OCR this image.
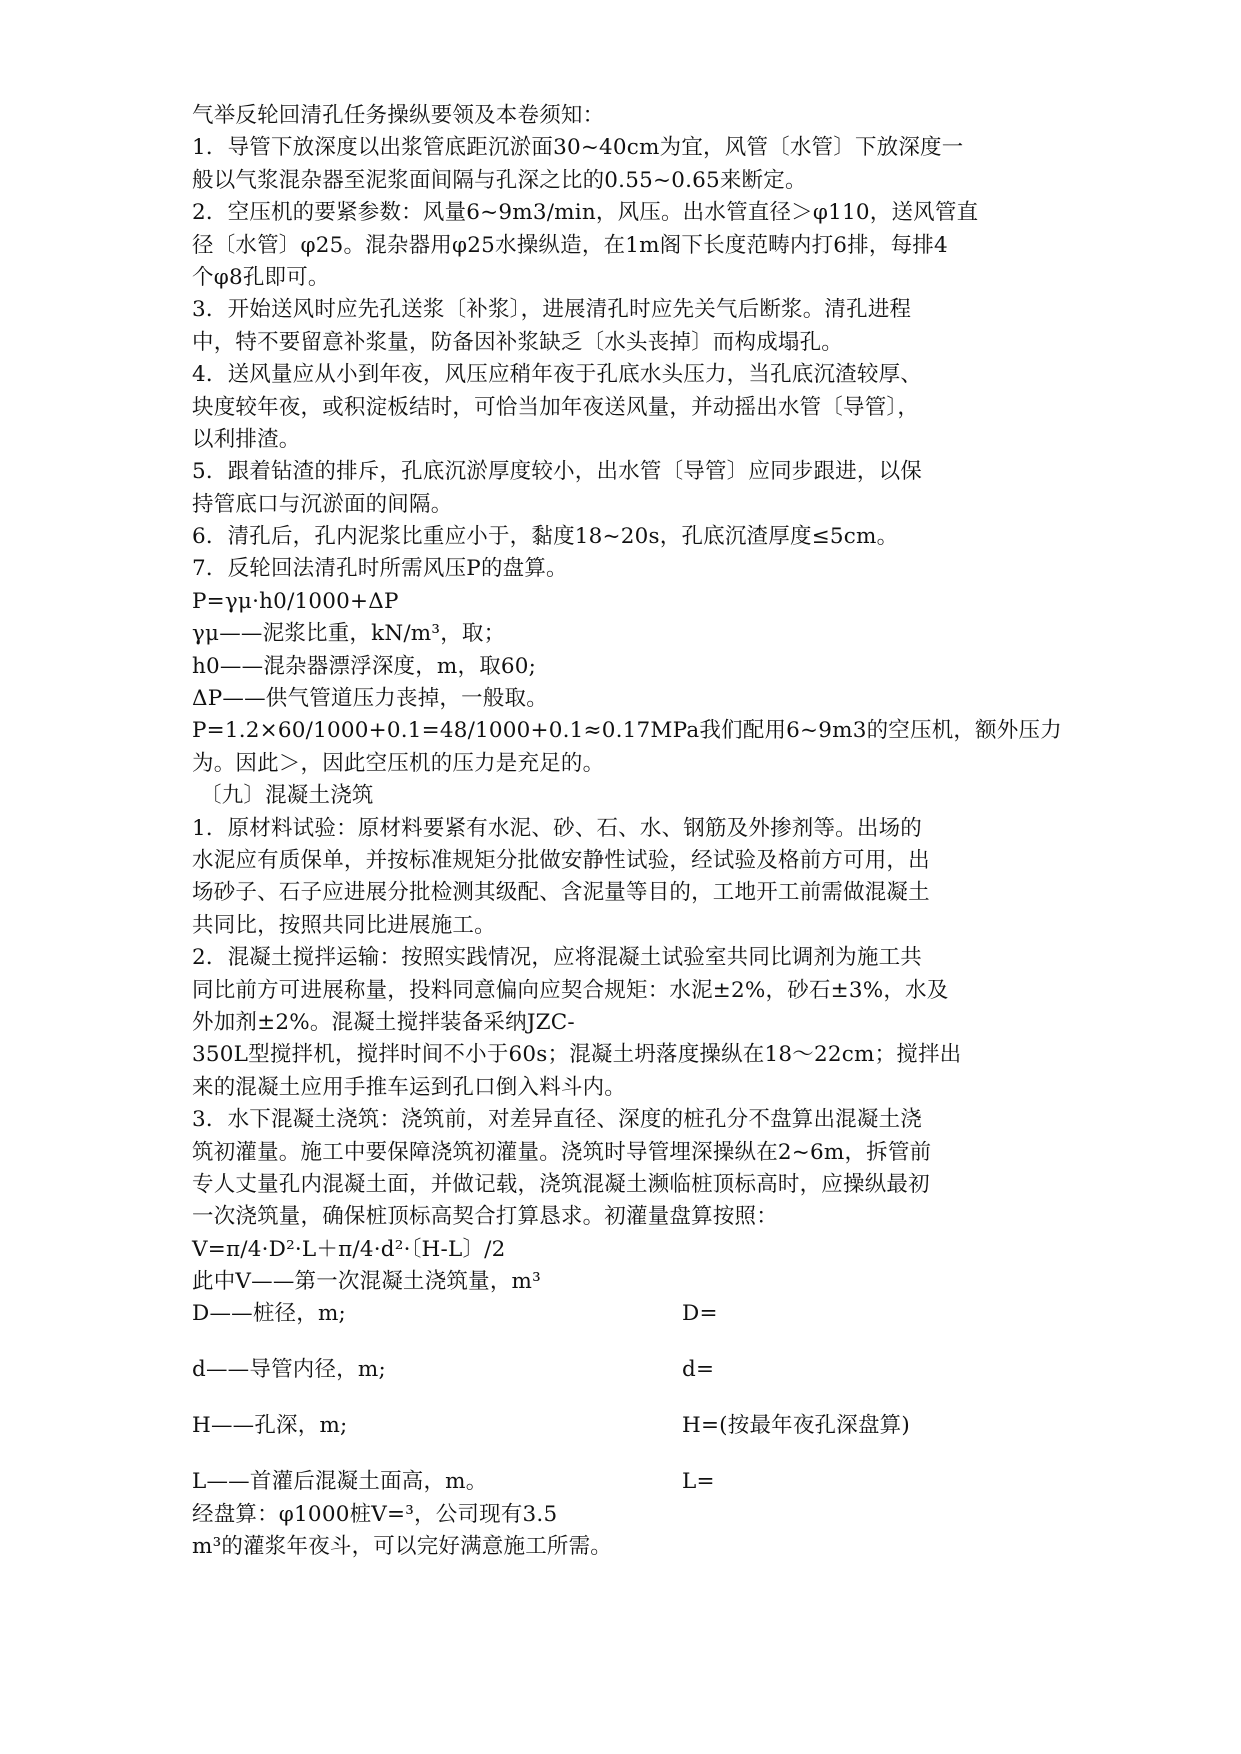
气举反轮回清孔任务操纵要领及本卷须知：
1．导管下放深度以出浆管底距沉淤面30~40cm为宜，风管〔水管〕下放深度一
般以气浆混杂器至泥浆面间隔与孔深之比的0.55~0.65来断定。
2．空压机的要紧参数：风量6~9m3/min，风压。出水管直径＞φ110，送风管直
径〔水管〕φ25。混杂器用φ25水操纵造，在1m阁下长度范畴内打6排，每排4
个φ8孔即可。
3．开始送风时应先孔送浆〔补浆〕，进展清孔时应先关气后断浆。清孔进程
中，特不要留意补浆量，防备因补浆缺乏〔水头丧掉〕而构成塌孔。
4．送风量应从小到年夜，风压应稍年夜于孔底水头压力，当孔底沉渣较厚、
块度较年夜，或积淀板结时，可恰当加年夜送风量，并动摇出水管〔导管〕，
以利排渣。
5．跟着钻渣的排斥，孔底沉淤厚度较小，出水管〔导管〕应同步跟进，以保
持管底口与沉淤面的间隔。
6．清孔后，孔内泥浆比重应小于，黏度18~20s，孔底沉渣厚度≤5cm。
7．反轮回法清孔时所需风压P的盘算。
P=γμ·h0/1000+ΔP
γμ——泥浆比重，kN/m³，取；
h0——混杂器漂浮深度，m，取60;
ΔP——供气管道压力丧掉，一般取。
P=1.2×60/1000+0.1=48/1000+0.1≈0.17MPa我们配用6~9m3的空压机，额外压力
为。因此＞，因此空压机的压力是充足的。
〔九〕混凝土浇筑
1．原材料试验：原材料要紧有水泥、砂、石、水、钢筋及外掺剂等。出场的
水泥应有质保单，并按标准规矩分批做安静性试验，经试验及格前方可用，出
场砂子、石子应进展分批检测其级配、含泥量等目的，工地开工前需做混凝土
共同比，按照共同比进展施工。
2．混凝土搅拌运输：按照实践情况，应将混凝土试验室共同比调剂为施工共
同比前方可进展称量，投料同意偏向应契合规矩：水泥±2%，砂石±3%，水及
外加剂±2%。混凝土搅拌装备采纳JZC-
350L型搅拌机，搅拌时间不小于60s；混凝土坍落度操纵在18～22cm；搅拌出
来的混凝土应用手推车运到孔口倒入料斗内。
3．水下混凝土浇筑：浇筑前，对差异直径、深度的桩孔分不盘算出混凝土浇
筑初灌量。施工中要保障浇筑初灌量。浇筑时导管埋深操纵在2~6m，拆管前
专人丈量孔内混凝土面，并做记载，浇筑混凝土濒临桩顶标高时，应操纵最初
一次浇筑量，确保桩顶标高契合打算恳求。初灌量盘算按照：
V=π/4·D²·L＋π/4·d²·〔H-L〕/2
此中V——第一次混凝土浇筑量，m³
D——桩径，m;	D=
d——导管内径，m;	d=
H——孔深，m;	H=(按最年夜孔深盘算)
L——首灌后混凝土面高，m。	L=
经盘算：φ1000桩V=³，公司现有3.5
m³的灌浆年夜斗，可以完好满意施工所需。
